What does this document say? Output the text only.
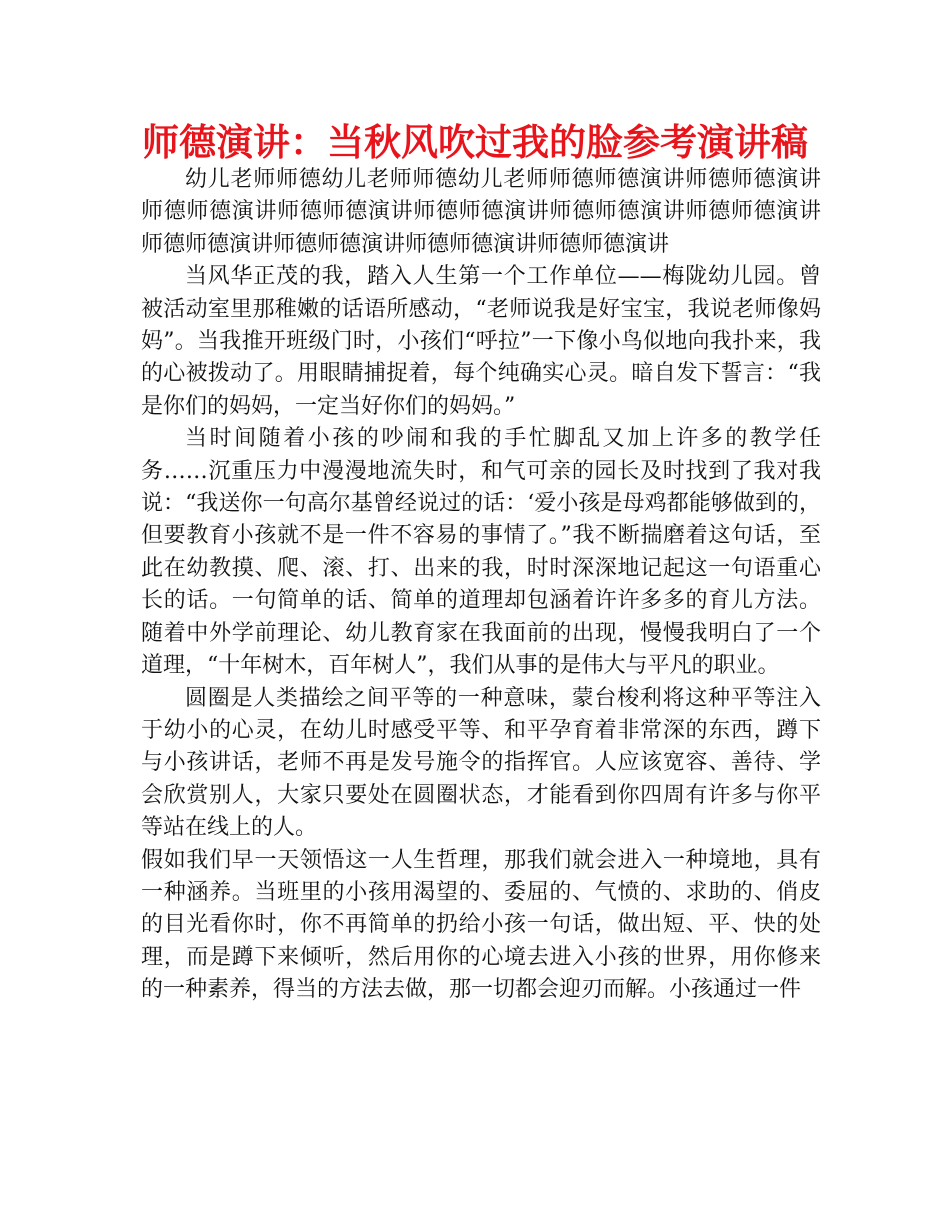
师德演讲：当秋风吹过我的脸参考演讲稿

幼儿老师师德幼儿老师师德幼儿老师师德师德演讲师德师德演讲师德师德演讲师德师德演讲师德师德演讲师德师德演讲师德师德演讲师德师德演讲师德师德演讲师德师德演讲师德师德演讲

当风华正茂的我，踏入人生第一个工作单位——梅陇幼儿园。曾被活动室里那稚嫩的话语所感动，“老师说我是好宝宝，我说老师像妈妈”。当我推开班级门时，小孩们“呼拉”一下像小鸟似地向我扑来，我的心被拨动了。用眼睛捕捉着，每个纯确实心灵。暗自发下誓言：“我是你们的妈妈，一定当好你们的妈妈。”

当时间随着小孩的吵闹和我的手忙脚乱又加上许多的教学任务……沉重压力中漫漫地流失时，和气可亲的园长及时找到了我对我说：“我送你一句高尔基曾经说过的话：‘爱小孩是母鸡都能够做到的，但要教育小孩就不是一件不容易的事情了。”我不断揣磨着这句话，至此在幼教摸、爬、滚、打、出来的我，时时深深地记起这一句语重心长的话。一句简单的话、简单的道理却包涵着许许多多的育儿方法。随着中外学前理论、幼儿教育家在我面前的出现，慢慢我明白了一个道理，“十年树木，百年树人”，我们从事的是伟大与平凡的职业。

圆圈是人类描绘之间平等的一种意味，蒙台梭利将这种平等注入于幼小的心灵，在幼儿时感受平等、和平孕育着非常深的东西，蹲下与小孩讲话，老师不再是发号施令的指挥官。人应该宽容、善待、学会欣赏别人，大家只要处在圆圈状态，才能看到你四周有许多与你平等站在线上的人。

假如我们早一天领悟这一人生哲理，那我们就会进入一种境地，具有一种涵养。当班里的小孩用渴望的、委屈的、气愤的、求助的、俏皮的目光看你时，你不再简单的扔给小孩一句话，做出短、平、快的处理，而是蹲下来倾听，然后用你的心境去进入小孩的世界，用你修来的一种素养，得当的方法去做，那一切都会迎刃而解。小孩通过一件
